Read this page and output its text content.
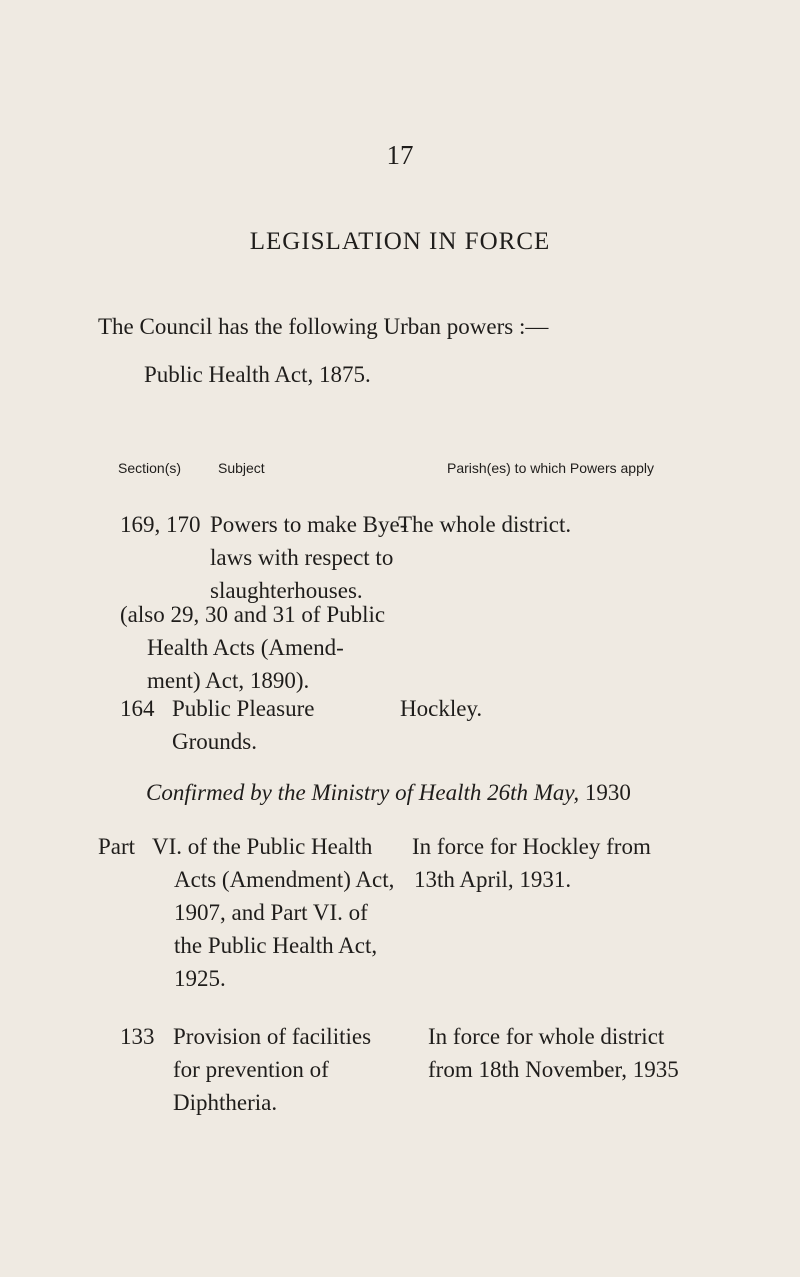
17
LEGISLATION IN FORCE
The Council has the following Urban powers :—
Public Health Act, 1875.
Section(s)	Subject	Parish(es) to which Powers apply
169, 170 Powers to make Bye-
laws with respect to
slaughterhouses.
The whole district.
(also 29, 30 and 31 of Public
Health Acts (Amend-
ment) Act, 1890).
164 Public Pleasure
Grounds.
Hockley.
Confirmed by the Ministry of Health 26th May, 1930
Part VI. of the Public Health
Acts (Amendment) Act,
1907, and Part VI. of
the Public Health Act,
1925.
In force for Hockley from
13th April, 1931.
133 Provision of facilities
for prevention of
Diphtheria.
In force for whole district
from 18th November, 1935
